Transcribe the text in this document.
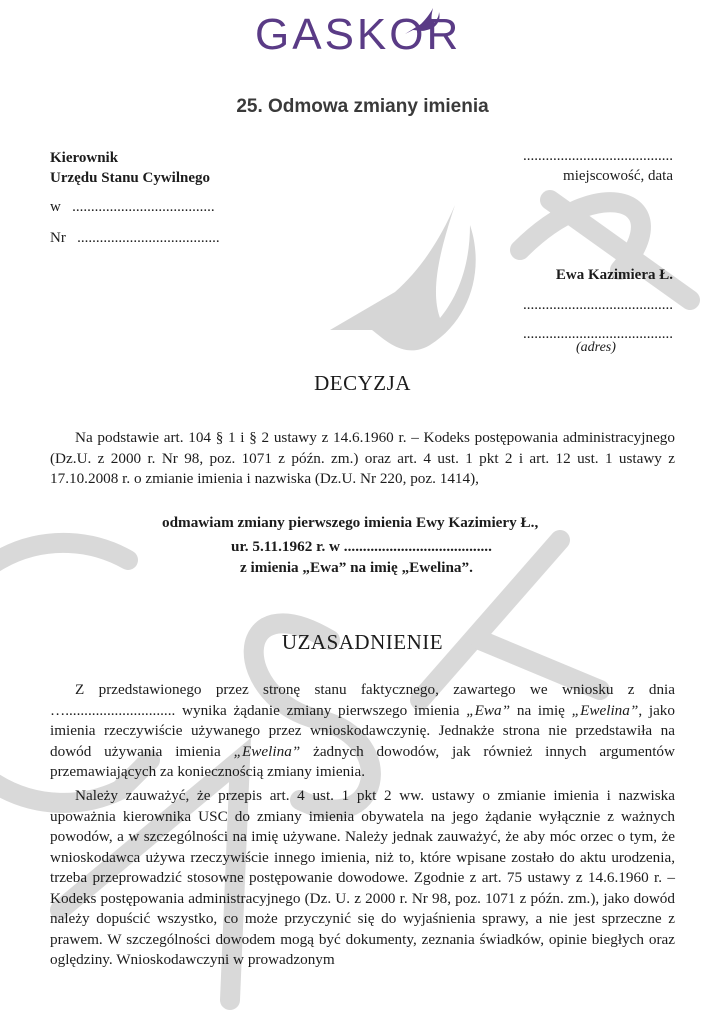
GASKOR
25. Odmowa zmiany imienia
Kierownik
Urzędu Stanu Cywilnego
w ......................................
Nr ......................................
........................................
miejscowość, data
Ewa Kazimiera Ł.
........................................
........................................
(adres)
DECYZJA
Na podstawie art. 104 § 1 i § 2 ustawy z 14.6.1960 r. – Kodeks postępowania administracyjnego (Dz.U. z 2000 r. Nr 98, poz. 1071 z późn. zm.) oraz art. 4 ust. 1 pkt 2 i art. 12 ust. 1 ustawy z 17.10.2008 r. o zmianie imienia i nazwiska (Dz.U. Nr 220, poz. 1414),
odmawiam zmiany pierwszego imienia Ewy Kazimiery Ł.,
ur. 5.11.1962 r. w .......................................
z imienia „Ewa” na imię „Ewelina”.
UZASADNIENIE
Z przedstawionego przez stronę stanu faktycznego, zawartego we wniosku z dnia …............................. wynika żądanie zmiany pierwszego imienia „Ewa” na imię „Ewelina”, jako imienia rzeczywiście używanego przez wnioskodawczynię. Jednakże strona nie przedstawiła na dowód używania imienia „Ewelina” żadnych dowodów, jak również innych argumentów przemawiających za koniecznością zmiany imienia.
Należy zauważyć, że przepis art. 4 ust. 1 pkt 2 ww. ustawy o zmianie imienia i nazwiska upoważnia kierownika USC do zmiany imienia obywatela na jego żądanie wyłącznie z ważnych powodów, a w szczególności na imię używane. Należy jednak zauważyć, że aby móc orzec o tym, że wnioskodawca używa rzeczywiście innego imienia, niż to, które wpisane zostało do aktu urodzenia, trzeba przeprowadzić stosowne postępowanie dowodowe. Zgodnie z art. 75 ustawy z 14.6.1960 r. – Kodeks postępowania administracyjnego (Dz. U. z 2000 r. Nr 98, poz. 1071 z późn. zm.), jako dowód należy dopuścić wszystko, co może przyczynić się do wyjaśnienia sprawy, a nie jest sprzeczne z prawem. W szczególności dowodem mogą być dokumenty, zeznania świadków, opinie biegłych oraz oględziny. Wnioskodawczyni w prowadzonym
